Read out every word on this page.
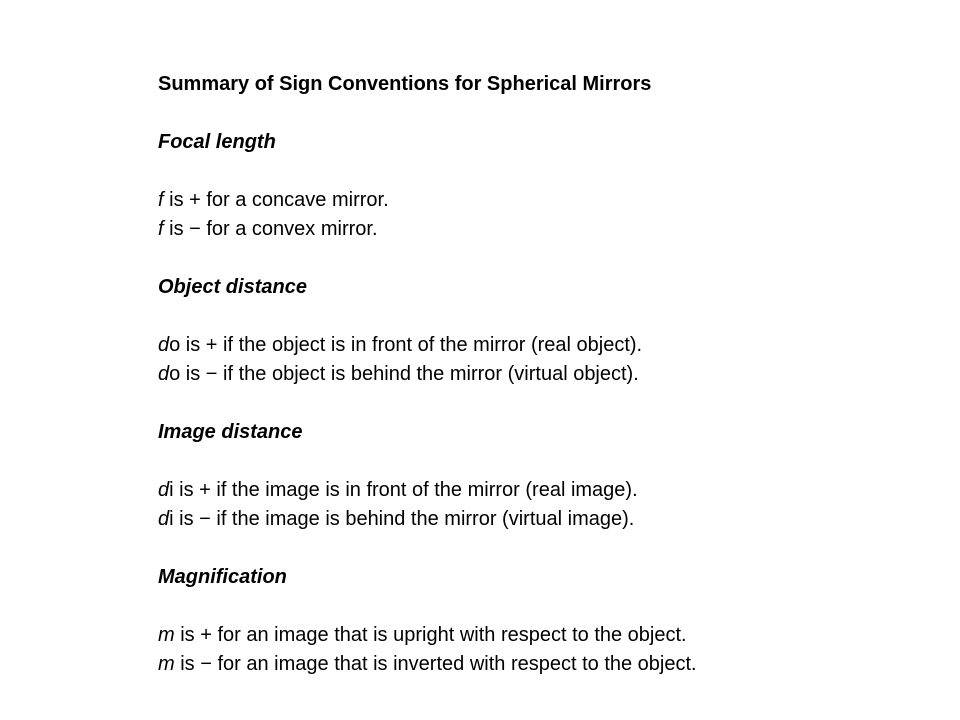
Summary of Sign Conventions for Spherical Mirrors

Focal length

f is + for a concave mirror.

f is − for a convex mirror.

Object distance

do is + if the object is in front of the mirror (real object).

do is − if the object is behind the mirror (virtual object).

Image distance

di is + if the image is in front of the mirror (real image).

di is − if the image is behind the mirror (virtual image).

Magnification

m is + for an image that is upright with respect to the object.

m is − for an image that is inverted with respect to the object.
